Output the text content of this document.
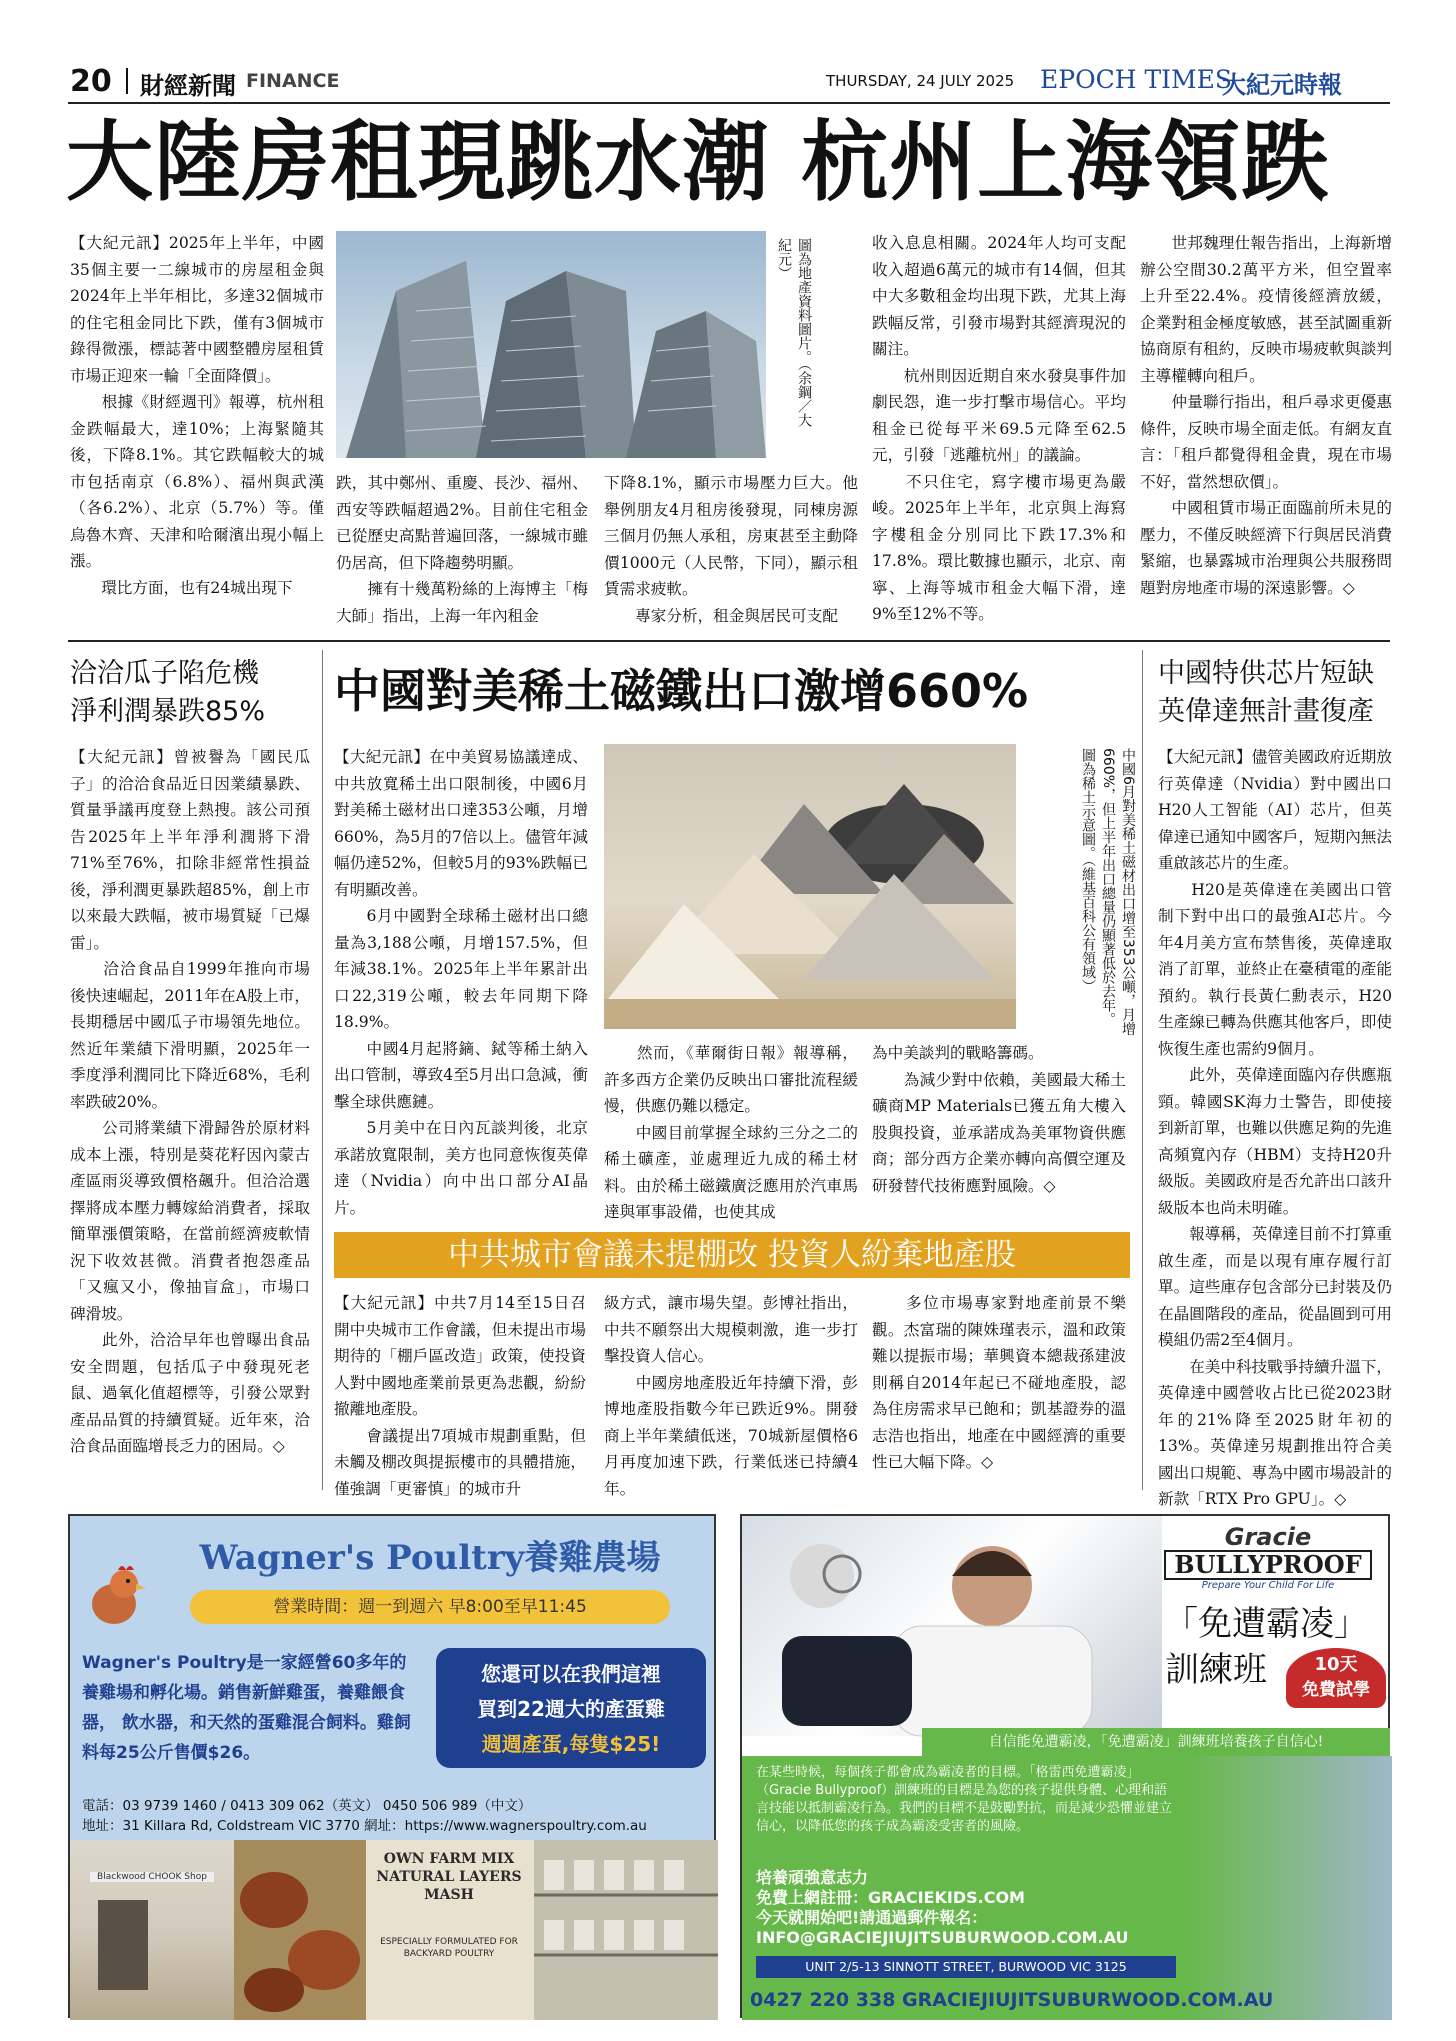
20 財經新聞 FINANCE	THURSDAY, 24 JULY 2025 EPOCH TIMES
大紀元時報
大陸房租現跳水潮 杭州上海領跌
【大紀元訊】2025年上半年，中國35個主要一二線城市的房屋租金與2024年上半年相比，多達32個城市的住宅租金同比下跌，僅有3個城市錄得微漲，標誌著中國整體房屋租賃市場正迎來一輪「全面降價」。
　　根據《財經週刊》報導，杭州租金跌幅最大，達10%；上海緊隨其後，下降8.1%。其它跌幅較大的城市包括南京（6.8%）、福州與武漢（各6.2%）、北京（5.7%）等。僅烏魯木齊、天津和哈爾濱出現小幅上漲。
　　環比方面，也有24城出現下
圖為地產資料圖片。（余鋼／大紀元）
跌，其中鄭州、重慶、長沙、福州、西安等跌幅超過2%。目前住宅租金已從歷史高點普遍回落，一線城市雖仍居高，但下降趨勢明顯。
　　擁有十幾萬粉絲的上海博主「梅大師」指出，上海一年內租金
下降8.1%，顯示市場壓力巨大。他舉例朋友4月租房後發現，同棟房源三個月仍無人承租，房東甚至主動降價1000元（人民幣，下同），顯示租賃需求疲軟。
　　專家分析，租金與居民可支配
收入息息相關。2024年人均可支配收入超過6萬元的城市有14個，但其中大多數租金均出現下跌，尤其上海跌幅反常，引發市場對其經濟現況的關注。
　　杭州則因近期自來水發臭事件加劇民怨，進一步打擊市場信心。平均租金已從每平米69.5元降至62.5元，引發「逃離杭州」的議論。
　　不只住宅，寫字樓市場更為嚴峻。2025年上半年，北京與上海寫字樓租金分別同比下跌17.3%和17.8%。環比數據也顯示，北京、南寧、上海等城市租金大幅下滑，達9%至12%不等。
　　世邦魏理仕報告指出，上海新增辦公空間30.2萬平方米，但空置率上升至22.4%。疫情後經濟放緩，企業對租金極度敏感，甚至試圖重新協商原有租約，反映市場疲軟與談判主導權轉向租戶。
　　仲量聯行指出，租戶尋求更優惠條件，反映市場全面走低。有網友直言：「租戶都覺得租金貴，現在市場不好，當然想砍價」。
　　中國租賃市場正面臨前所未見的壓力，不僅反映經濟下行與居民消費緊縮，也暴露城市治理與公共服務問題對房地產市場的深遠影響。◇
洽洽瓜子陷危機
淨利潤暴跌85%
【大紀元訊】曾被譽為「國民瓜子」的洽洽食品近日因業績暴跌、質量爭議再度登上熱搜。該公司預告2025年上半年淨利潤將下滑71%至76%，扣除非經常性損益後，淨利潤更暴跌超85%，創上市以來最大跌幅，被市場質疑「已爆雷」。
　　洽洽食品自1999年推向市場後快速崛起，2011年在A股上市，長期穩居中國瓜子市場領先地位。然近年業績下滑明顯，2025年一季度淨利潤同比下降近68%，毛利率跌破20%。
　　公司將業績下滑歸咎於原材料成本上漲，特別是葵花籽因內蒙古產區雨災導致價格飆升。但洽洽選擇將成本壓力轉嫁給消費者，採取簡單漲價策略，在當前經濟疲軟情況下收效甚微。消費者抱怨產品「又瘋又小，像抽盲盒」，市場口碑滑坡。
　　此外，洽洽早年也曾曝出食品安全問題，包括瓜子中發現死老鼠、過氧化值超標等，引發公眾對產品品質的持續質疑。近年來，洽洽食品面臨增長乏力的困局。◇
中國對美稀土磁鐵出口激增660%
【大紀元訊】在中美貿易協議達成、中共放寬稀土出口限制後，中國6月對美稀土磁材出口達353公噸，月增660%，為5月的7倍以上。儘管年減幅仍達52%，但較5月的93%跌幅已有明顯改善。
　　6月中國對全球稀土磁材出口總量為3,188公噸，月增157.5%，但年減38.1%。2025年上半年累計出口22,319公噸，較去年同期下降18.9%。
　　中國4月起將鏑、鋱等稀土納入出口管制，導致4至5月出口急減，衝擊全球供應鏈。
　　5月美中在日內瓦談判後，北京承諾放寬限制，美方也同意恢復英偉達（Nvidia）向中出口部分AI晶片。
中國6月對美稀土磁材出口增至353公噸，月增660%，但上半年出口總量仍顯著低於去年。圖為稀土示意圖。（維基百科公有領域）
　　然而，《華爾街日報》報導稱，許多西方企業仍反映出口審批流程緩慢，供應仍難以穩定。
　　中國目前掌握全球約三分之二的稀土礦產，並處理近九成的稀土材料。由於稀土磁鐵廣泛應用於汽車馬達與軍事設備，也使其成
為中美談判的戰略籌碼。
　　為減少對中依賴，美國最大稀土礦商MP Materials已獲五角大樓入股與投資，並承諾成為美軍物資供應商；部分西方企業亦轉向高價空運及研發替代技術應對風險。◇
中共城市會議未提棚改 投資人紛棄地產股
【大紀元訊】中共7月14至15日召開中央城市工作會議，但未提出市場期待的「棚戶區改造」政策，使投資人對中國地產業前景更為悲觀，紛紛撤離地產股。
　　會議提出7項城市規劃重點，但未觸及棚改與提振樓市的具體措施，僅強調「更審慎」的城市升
級方式，讓市場失望。彭博社指出，中共不願祭出大規模刺激，進一步打擊投資人信心。
　　中國房地產股近年持續下滑，彭博地產股指數今年已跌近9%。開發商上半年業績低迷，70城新屋價格6月再度加速下跌，行業低迷已持續4年。
　　多位市場專家對地產前景不樂觀。杰富瑞的陳姝瑾表示，溫和政策難以提振市場；華興資本總裁孫建波則稱自2014年起已不碰地產股，認為住房需求早已飽和；凱基證券的溫志浩也指出，地產在中國經濟的重要性已大幅下降。◇
中國特供芯片短缺
英偉達無計畫復產
【大紀元訊】儘管美國政府近期放行英偉達（Nvidia）對中國出口H20人工智能（AI）芯片，但英偉達已通知中國客戶，短期內無法重啟該芯片的生產。
　　H20是英偉達在美國出口管制下對中出口的最強AI芯片。今年4月美方宣布禁售後，英偉達取消了訂單，並終止在臺積電的產能預約。執行長黃仁勳表示，H20生產線已轉為供應其他客戶，即使恢復生產也需約9個月。
　　此外，英偉達面臨內存供應瓶頸。韓國SK海力士警告，即使接到新訂單，也難以供應足夠的先進高頻寬內存（HBM）支持H20升級版。美國政府是否允許出口該升級版本也尚未明確。
　　報導稱，英偉達目前不打算重啟生產，而是以現有庫存履行訂單。這些庫存包含部分已封裝及仍在晶圓階段的產品，從晶圓到可用模組仍需2至4個月。
　　在美中科技戰爭持續升溫下，英偉達中國營收占比已從2023財年的21%降至2025財年初的13%。英偉達另規劃推出符合美國出口規範、專為中國市場設計的新款「RTX Pro GPU」。◇
Wagner's Poultry養雞農場
營業時間：週一到週六 早8:00至早11:45
Wagner's Poultry是一家經營60多年的養雞場和孵化場。銷售新鮮雞蛋，養雞餵食器， 飲水器，和天然的蛋雞混合飼料。雞飼料每25公斤售價$26。
您還可以在我們這裡
買到22週大的產蛋雞
週週產蛋,每隻$25!
電話：03 9739 1460 / 0413 309 062（英文） 0450 506 989（中文）
地址：31 Killara Rd, Coldstream VIC 3770 網址：https://www.wagnerspoultry.com.au
Blackwood CHOOK Shop
OWN FARM MIX NATURAL LAYERS MASH
ESPECIALLY FORMULATED FOR BACKYARD POULTRY
Gracie
BULLYPROOF
Prepare Your Child For Life
「免遭霸凌」
訓練班	10天
免費試學
自信能免遭霸凌，「免遭霸凌」訓練班培養孩子自信心!
在某些時候，每個孩子都會成為霸凌者的目標。「格雷西免遭霸凌」（Gracie Bullyproof）訓練班的目標是為您的孩子提供身體、心理和語言技能以抵制霸凌行為。我們的目標不是鼓勵對抗，而是減少恐懼並建立信心，以降低您的孩子成為霸凌受害者的風險。
培養頑強意志力
免費上網註冊：GRACIEKIDS.COM
今天就開始吧!請通過郵件報名：
INFO@GRACIEJIUJITSUBURWOOD.COM.AU
UNIT 2/5-13 SINNOTT STREET, BURWOOD VIC 3125
0427 220 338 GRACIEJIUJITSUBURWOOD.COM.AU
